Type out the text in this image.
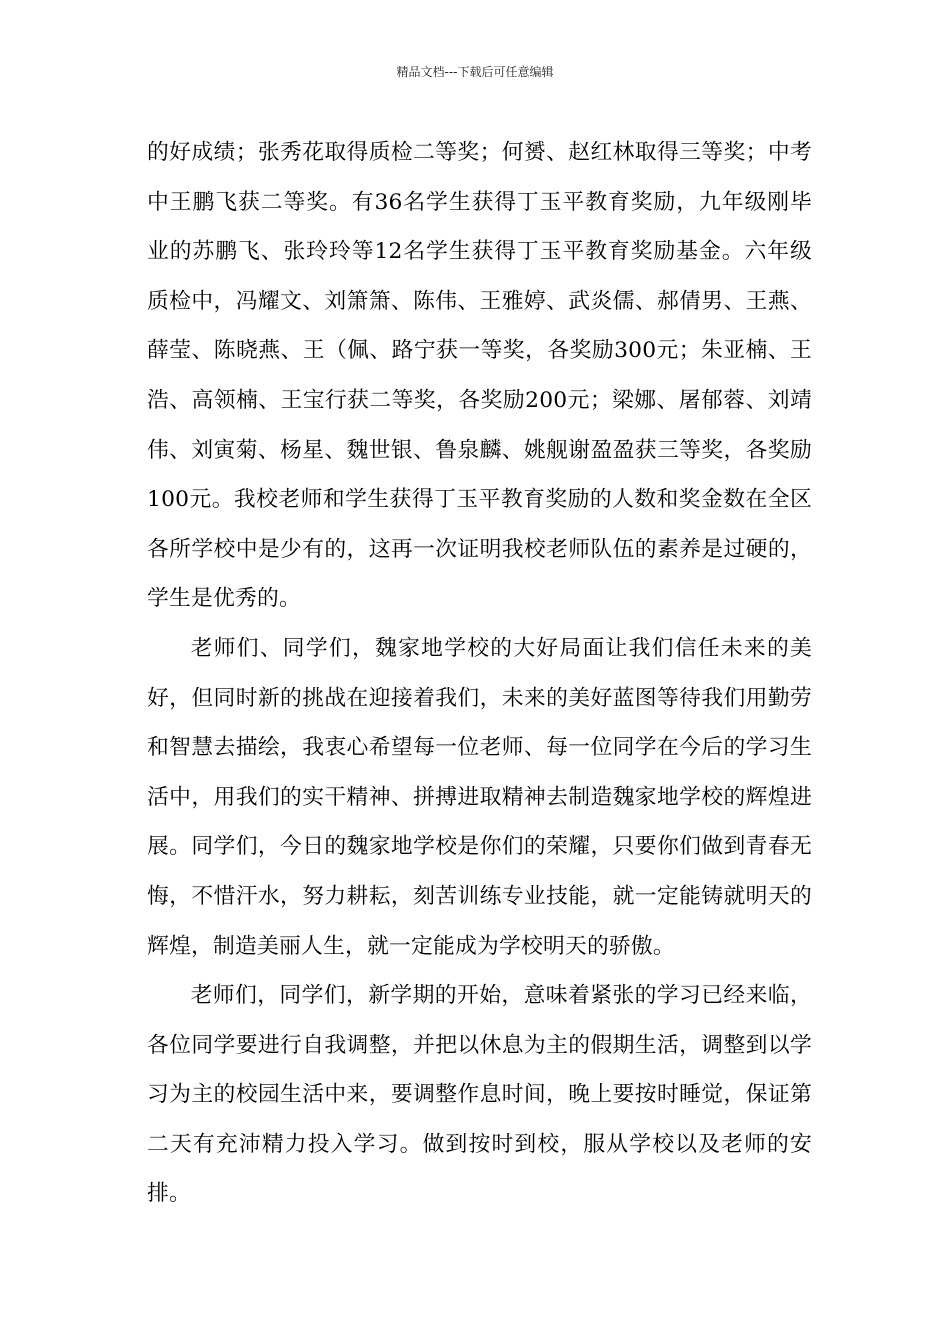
精品文档---下载后可任意编辑

的好成绩；张秀花取得质检二等奖；何赟、赵红林取得三等奖；中考中王鹏飞获二等奖。有36名学生获得丁玉平教育奖励，九年级刚毕业的苏鹏飞、张玲玲等12名学生获得丁玉平教育奖励基金。六年级质检中，冯耀文、刘箫箫、陈伟、王雅婷、武炎儒、郝倩男、王燕、薛莹、陈晓燕、王（佩、路宁获一等奖，各奖励300元；朱亚楠、王浩、高领楠、王宝行获二等奖，各奖励200元；梁娜、屠郁蓉、刘靖伟、刘寅菊、杨星、魏世银、鲁泉麟、姚舰谢盈盈获三等奖，各奖励100元。我校老师和学生获得丁玉平教育奖励的人数和奖金数在全区各所学校中是少有的，这再一次证明我校老师队伍的素养是过硬的，学生是优秀的。

老师们、同学们，魏家地学校的大好局面让我们信任未来的美好，但同时新的挑战在迎接着我们，未来的美好蓝图等待我们用勤劳和智慧去描绘，我衷心希望每一位老师、每一位同学在今后的学习生活中，用我们的实干精神、拼搏进取精神去制造魏家地学校的辉煌进展。同学们，今日的魏家地学校是你们的荣耀，只要你们做到青春无悔，不惜汗水，努力耕耘，刻苦训练专业技能，就一定能铸就明天的辉煌，制造美丽人生，就一定能成为学校明天的骄傲。

老师们，同学们，新学期的开始，意味着紧张的学习已经来临，各位同学要进行自我调整，并把以休息为主的假期生活，调整到以学习为主的校园生活中来，要调整作息时间，晚上要按时睡觉，保证第二天有充沛精力投入学习。做到按时到校，服从学校以及老师的安排。
